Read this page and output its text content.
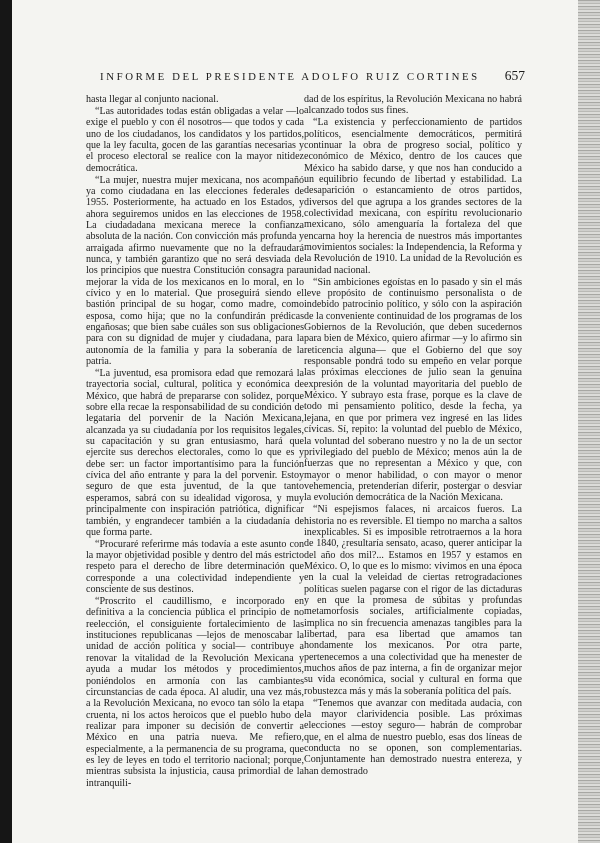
INFORME DEL PRESIDENTE ADOLFO RUIZ CORTINES	657

hasta llegar al conjunto nacional.

“Las autoridades todas están obligadas a velar —lo exige el pueblo y con él nosotros— que todos y cada uno de los ciudadanos, los candidatos y los partidos, que la ley faculta, gocen de las garantías necesarias y el proceso electoral se realice con la mayor nitidez democrática.

“La mujer, nuestra mujer mexicana, nos acompañó ya como ciudadana en las elecciones federales de 1955. Posteriormente, ha actuado en los Estados, y ahora seguiremos unidos en las elecciones de 1958. La ciudadadana mexicana merece la confianza absoluta de la nación. Con convicción más profunda y arraigada afirmo nuevamente que no la defraudará nunca, y también garantizo que no será desviada de los principios que nuestra Constitución consagra para mejorar la vida de los mexicanos en lo moral, en lo cívico y en lo material. Que proseguirá siendo el bastión principal de su hogar, como madre, como esposa, como hija; que no la confundirán prédicas engañosas; que bien sabe cuáles son sus obligaciones para con su dignidad de mujer y ciudadana, para la autonomía de la familia y para la soberanía de la patria.

“La juventud, esa promisora edad que remozará la trayectoria social, cultural, política y económica de México, que habrá de prepararse con solidez, porque sobre ella recae la responsabilidad de su condición de legataria del porvenir de la Nación Mexicana, alcanzada ya su ciudadanía por los requisitos legales, su capacitación y su gran entusiasmo, hará que ejercite sus derechos electorales, como lo que es y debe ser: un factor importantísimo para la función cívica del año entrante y para la del porvenir. Estoy seguro de que esta juventud, de la que tanto esperamos, sabrá con su idealidad vigorosa, y muy principalmente con inspiración patriótica, dignificar también, y engrandecer también a la ciudadanía de que forma parte.

“Procuraré referirme más todavía a este asunto con la mayor objetividad posible y dentro del más estricto respeto para el derecho de libre determinación que corresponde a una colectividad independiente y consciente de sus destinos.

“Proscrito el caudillismo, e incorporado en definitiva a la conciencia pública el principio de no reelección, el consiguiente fortalecimiento de las instituciones republicanas —lejos de menoscabar la unidad de acción política y social— contribuye a renovar la vitalidad de la Revolución Mexicana y ayuda a mudar los métodos y procedimientos, poniéndolos en armonía con las cambiantes circunstancias de cada época. Al aludir, una vez más, a la Revolución Mexicana, no evoco tan sólo la etapa cruenta, ni los actos heroicos que el pueblo hubo de realizar para imponer su decisión de convertir a México en una patria nueva. Me refiero, especialmente, a la permanencia de su programa, que es ley de leyes en todo el territorio nacional; porque, mientras subsista la injusticia, causa primordial de la intranquili-

dad de los espíritus, la Revolución Mexicana no habrá alcanzado todos sus fines.

“La existencia y perfeccionamiento de partidos políticos, esencialmente democráticos, permitirá continuar la obra de progreso social, político y económico de México, dentro de los cauces que México ha sabido darse, y que nos han conducido a un equilibrio fecundo de libertad y estabilidad. La desaparición o estancamiento de otros partidos, diversos del que agrupa a los grandes sectores de la colectividad mexicana, con espíritu revolucionario mexicano, sólo amenguaría la fortaleza del que encarna hoy la herencia de nuestros más importantes movimientos sociales: la Independencia, la Reforma y la Revolución de 1910. La unidad de la Revolución es unidad nacional.

“Sin ambiciones egoístas en lo pasado y sin el más leve propósito de continuismo personalista o de indebido patrocinio político, y sólo con la aspiración de la conveniente continuidad de los programas de los Gobiernos de la Revolución, que deben sucedernos para bien de México, quiero afirmar —y lo afirmo sin reticencia alguna— que el Gobierno del que soy responsable pondrá todo su empeño en velar porque las próximas elecciones de julio sean la genuina expresión de la voluntad mayoritaria del pueblo de México. Y subrayo esta frase, porque es la clave de todo mi pensamiento político, desde la fecha, ya lejana, en que por primera vez ingresé en las lides cívicas. Sí, repito: la voluntad del pueblo de México, la voluntad del soberano nuestro y no la de un sector privilegiado del pueblo de México; menos aún la de fuerzas que no representan a México y que, con mayor o menor habilidad, o con mayor o menor vehemencia, pretenderían diferir, postergar o desviar la evolución democrática de la Nación Mexicana.

“Ni espejismos falaces, ni arcaicos fueros. La historia no es reversible. El tiempo no marcha a saltos inexplicables. Si es imposible retrotraernos a la hora de 1840, ¿resultaría sensato, acaso, querer anticipar la del año dos mil?... Estamos en 1957 y estamos en México. O, lo que es lo mismo: vivimos en una época en la cual la veleidad de ciertas retrogradaciones políticas suelen pagarse con el rigor de las dictaduras y en que la promesa de súbitas y profundas metamorfosis sociales, artificialmente copiadas, implica no sin frecuencia amenazas tangibles para la libertad, para esa libertad que amamos tan hondamente los mexicanos. Por otra parte, pertenecemos a una colectividad que ha menester de muchos años de paz interna, a fin de organizar mejor su vida económica, social y cultural en forma que robustezca más y más la soberanía política del país.

“Tenemos que avanzar con meditada audacia, con la mayor clarividencia posible. Las próximas elecciones —estoy seguro— habrán de comprobar que, en el alma de nuestro pueblo, esas dos líneas de conducta no se oponen, son complementarias. Conjuntamente han demostrado nuestra entereza, y han demostrado
